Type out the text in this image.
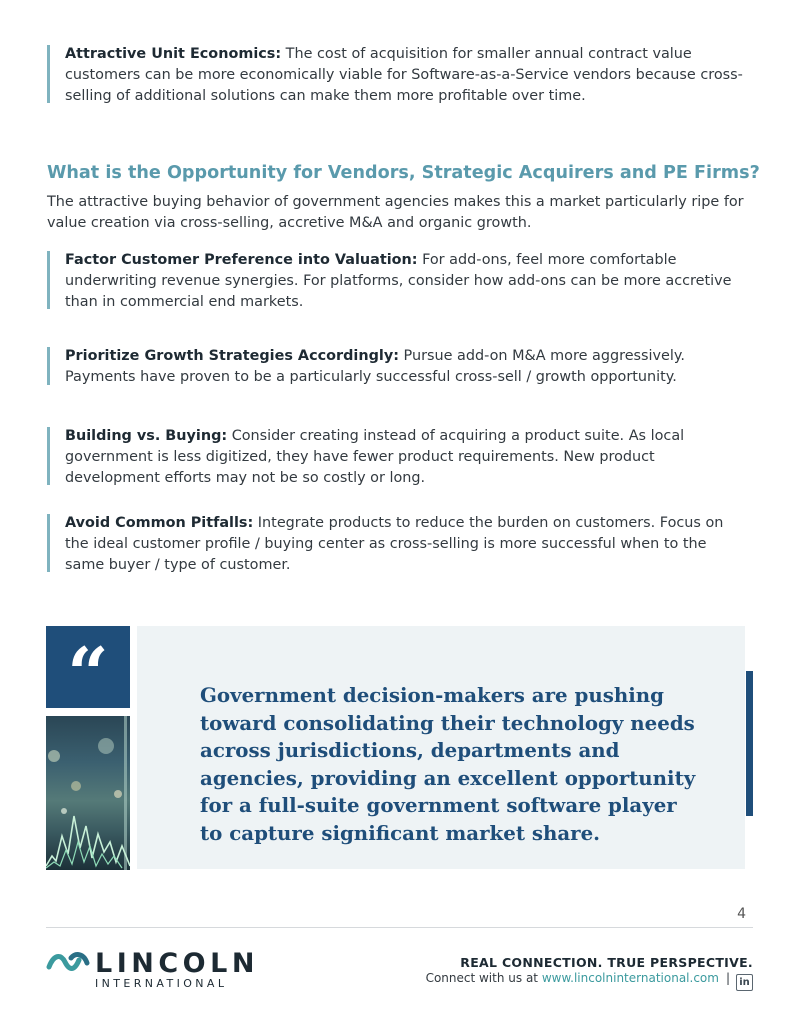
Attractive Unit Economics: The cost of acquisition for smaller annual contract value customers can be more economically viable for Software-as-a-Service vendors because cross-selling of additional solutions can make them more profitable over time.

What is the Opportunity for Vendors, Strategic Acquirers and PE Firms?

The attractive buying behavior of government agencies makes this a market particularly ripe for value creation via cross-selling, accretive M&A and organic growth.

Factor Customer Preference into Valuation: For add-ons, feel more comfortable underwriting revenue synergies. For platforms, consider how add-ons can be more accretive than in commercial end markets.

Prioritize Growth Strategies Accordingly: Pursue add-on M&A more aggressively. Payments have proven to be a particularly successful cross-sell / growth opportunity.

Building vs. Buying: Consider creating instead of acquiring a product suite. As local government is less digitized, they have fewer product requirements. New product development efforts may not be so costly or long.

Avoid Common Pitfalls: Integrate products to reduce the burden on customers. Focus on the ideal customer profile / buying center as cross-selling is more successful when to the same buyer / type of customer.

“	Government decision-makers are pushing toward consolidating their technology needs across jurisdictions, departments and agencies, providing an excellent opportunity for a full-suite government software player to capture significant market share.

4
LINCOLN
INTERNATIONAL
REAL CONNECTION. TRUE PERSPECTIVE.
Connect with us at www.lincolninternational.com | in
